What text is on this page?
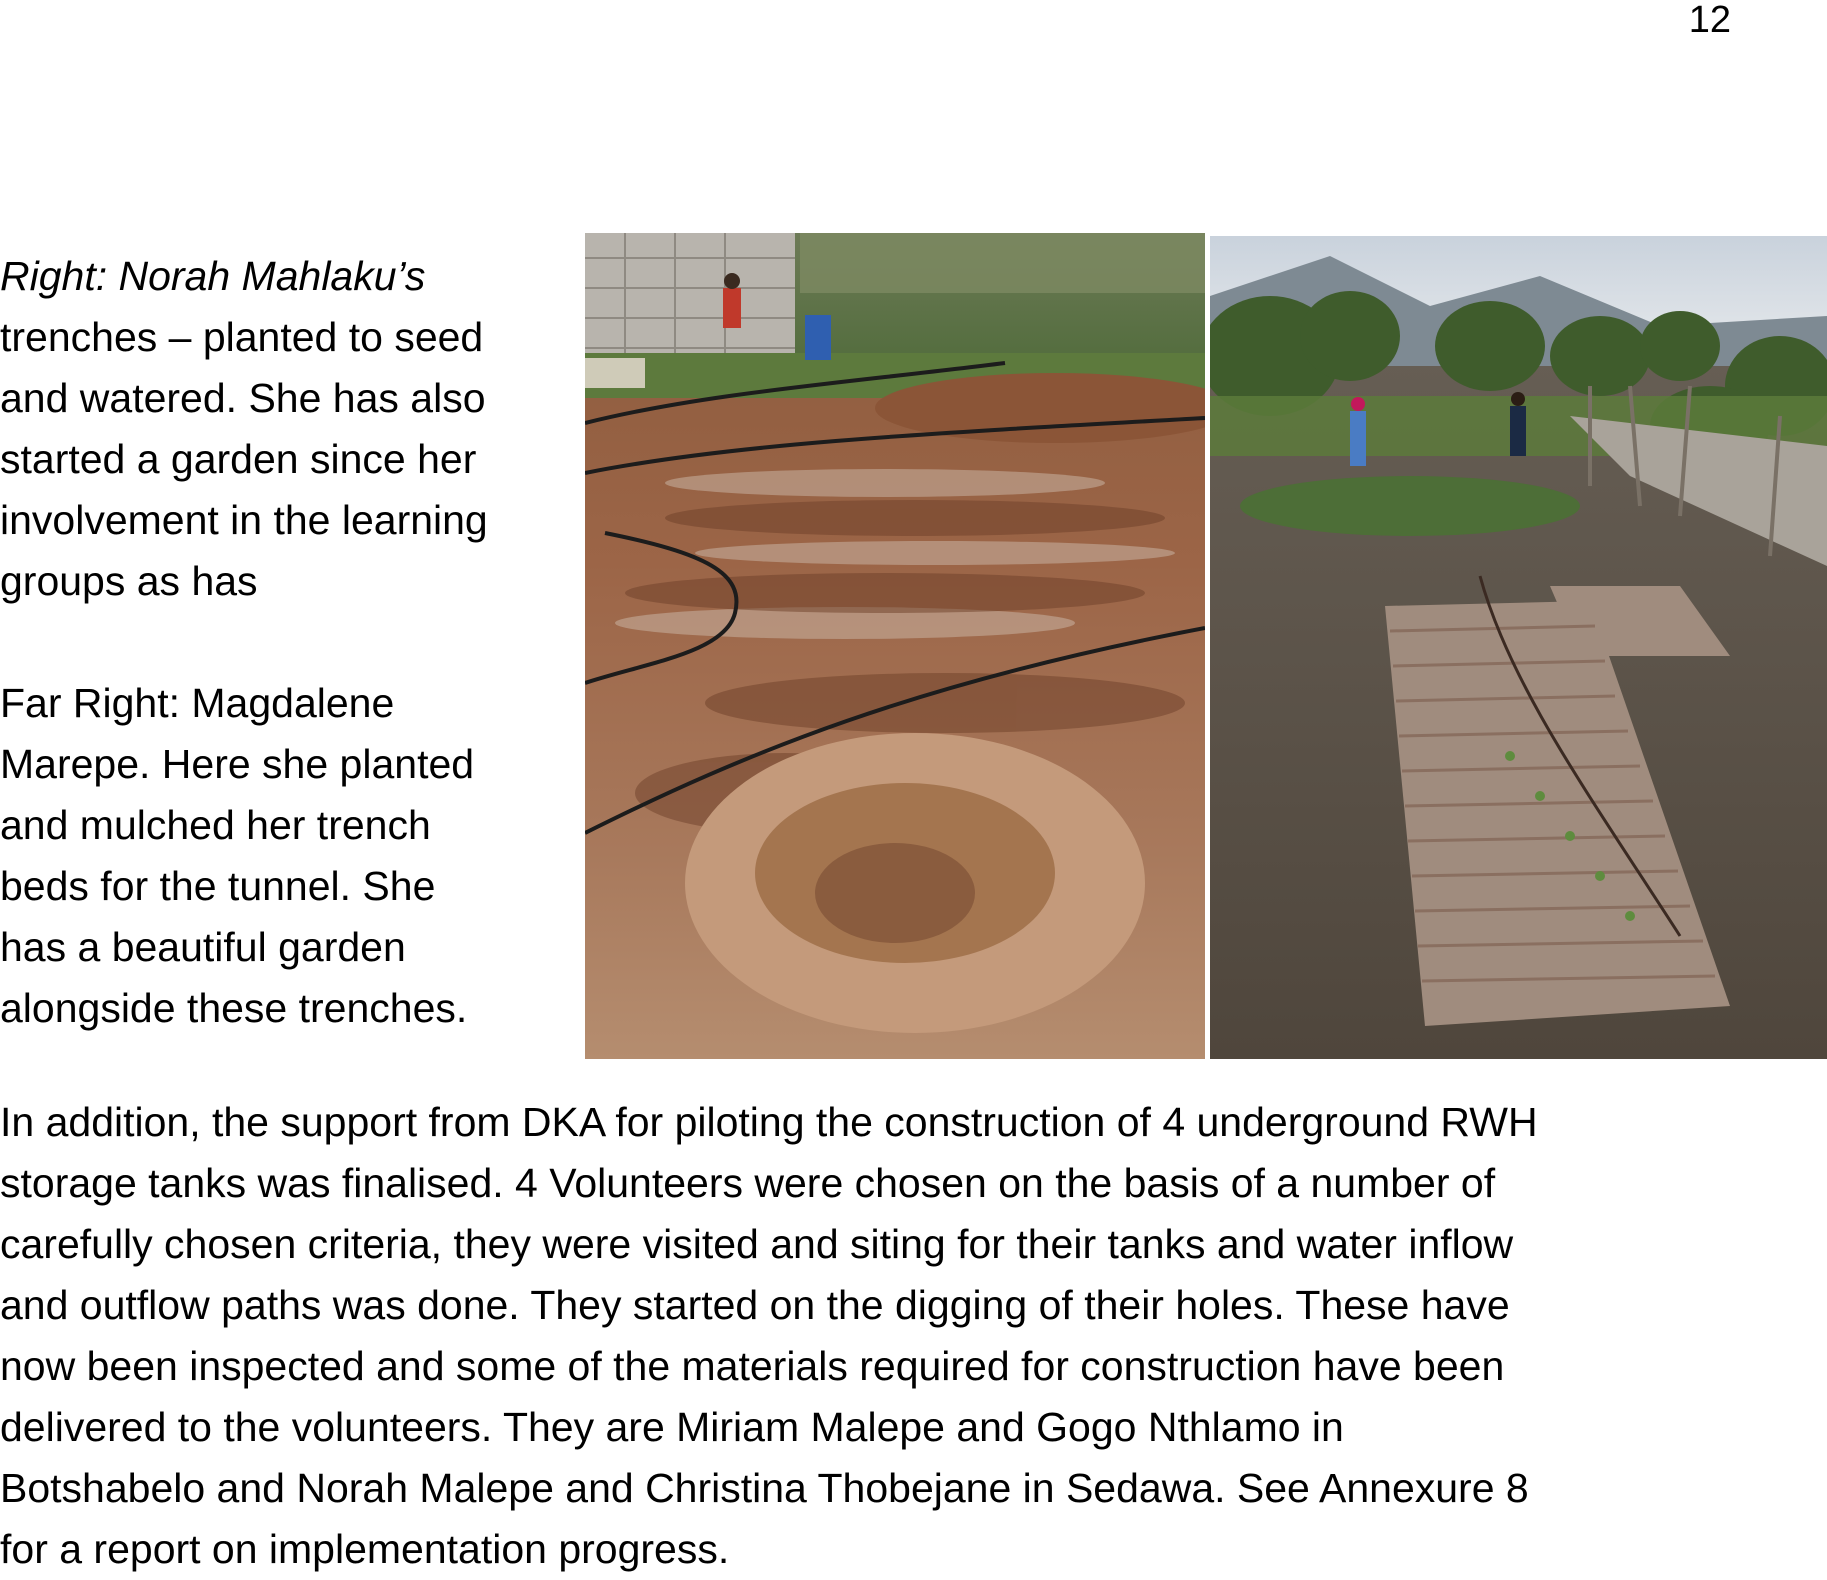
12

Right: Norah Mahlaku’s

trenches – planted to seed

and watered. She has also

started a garden since her

involvement in the learning

groups as has

Far Right: Magdalene

Marepe. Here she planted

and mulched her trench

beds for the tunnel. She

has a beautiful garden

alongside these trenches.

In addition, the support from DKA for piloting the construction of 4 underground RWH
storage tanks was finalised. 4 Volunteers were chosen on the basis of a number of
carefully chosen criteria, they were visited and siting for their tanks and water inflow
and outflow paths was done. They started on the digging of their holes. These have
now been inspected and some of the materials required for construction have been
delivered to the volunteers. They are Miriam Malepe and Gogo Nthlamo in
Botshabelo and Norah Malepe and Christina Thobejane in Sedawa. See Annexure 8
for a report on implementation progress.
